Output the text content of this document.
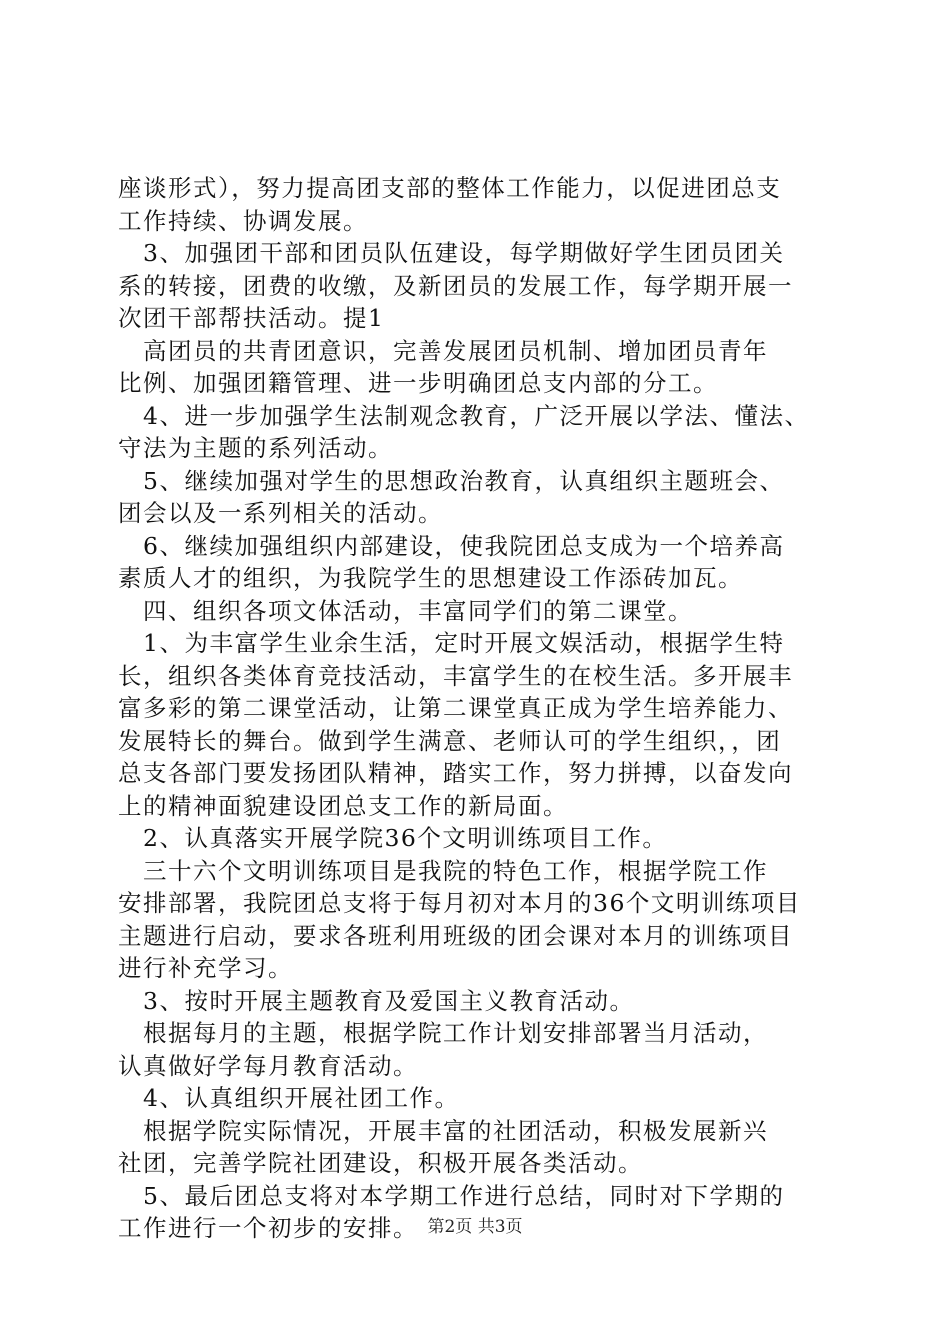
座谈形式），努力提高团支部的整体工作能力，以促进团总支
工作持续、协调发展。
　3、加强团干部和团员队伍建设，每学期做好学生团员团关
系的转接，团费的收缴，及新团员的发展工作，每学期开展一
次团干部帮扶活动。提1
　高团员的共青团意识，完善发展团员机制、增加团员青年
比例、加强团籍管理、进一步明确团总支内部的分工。
　4、进一步加强学生法制观念教育，广泛开展以学法、懂法、
守法为主题的系列活动。
　5、继续加强对学生的思想政治教育，认真组织主题班会、
团会以及一系列相关的活动。
　6、继续加强组织内部建设，使我院团总支成为一个培养高
素质人才的组织，为我院学生的思想建设工作添砖加瓦。
　四、组织各项文体活动，丰富同学们的第二课堂。
　1、为丰富学生业余生活，定时开展文娱活动，根据学生特
长，组织各类体育竞技活动，丰富学生的在校生活。多开展丰
富多彩的第二课堂活动，让第二课堂真正成为学生培养能力、
发展特长的舞台。做到学生满意、老师认可的学生组织，，团
总支各部门要发扬团队精神，踏实工作，努力拼搏，以奋发向
上的精神面貌建设团总支工作的新局面。
　2、认真落实开展学院36个文明训练项目工作。
　三十六个文明训练项目是我院的特色工作，根据学院工作
安排部署，我院团总支将于每月初对本月的36个文明训练项目
主题进行启动，要求各班利用班级的团会课对本月的训练项目
进行补充学习。
　3、按时开展主题教育及爱国主义教育活动。
　根据每月的主题，根据学院工作计划安排部署当月活动，
认真做好学每月教育活动。
　4、认真组织开展社团工作。
　根据学院实际情况，开展丰富的社团活动，积极发展新兴
社团，完善学院社团建设，积极开展各类活动。
　5、最后团总支将对本学期工作进行总结，同时对下学期的
工作进行一个初步的安排。 第2页 共3页
